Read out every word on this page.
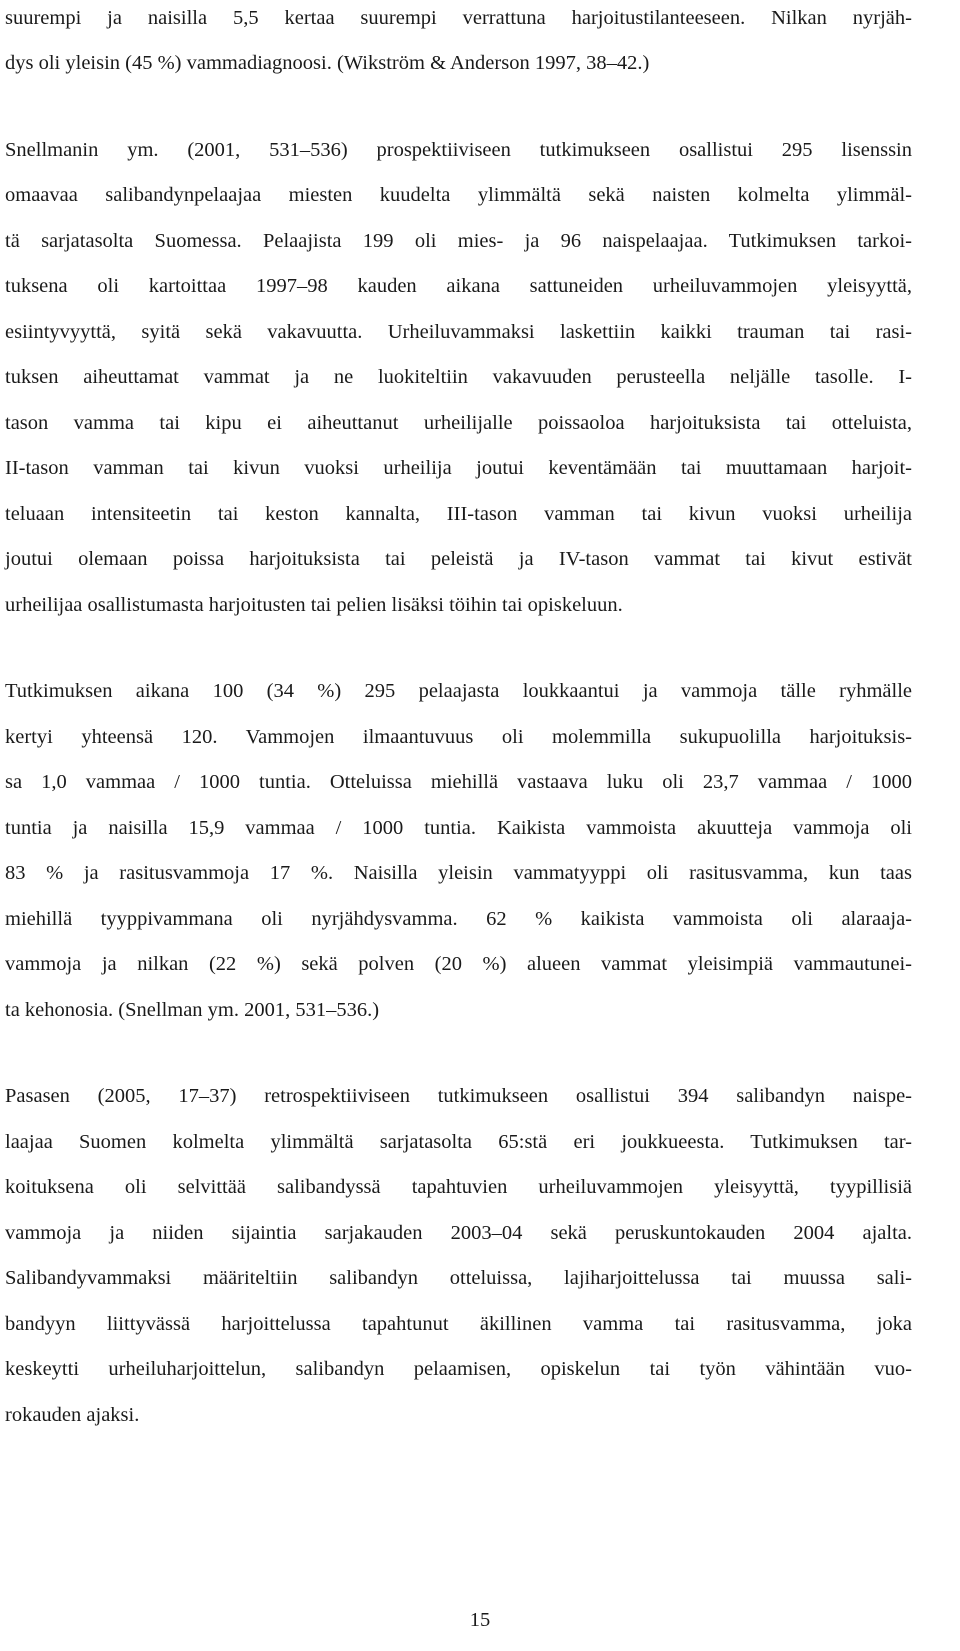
suurempi ja naisilla 5,5 kertaa suurempi verrattuna harjoitustilanteeseen. Nilkan nyrjäh-

dys oli yleisin (45 %) vammadiagnoosi. (Wikström & Anderson 1997, 38–42.)

Snellmanin ym. (2001, 531–536) prospektiiviseen tutkimukseen osallistui 295 lisenssin

omaavaa salibandynpelaajaa miesten kuudelta ylimmältä sekä naisten kolmelta ylimmäl-

tä sarjatasolta Suomessa. Pelaajista 199 oli mies- ja 96 naispelaajaa. Tutkimuksen tarkoi-

tuksena oli kartoittaa 1997–98 kauden aikana sattuneiden urheiluvammojen yleisyyttä,

esiintyvyyttä, syitä sekä vakavuutta. Urheiluvammaksi laskettiin kaikki trauman tai rasi-

tuksen aiheuttamat vammat ja ne luokiteltiin vakavuuden perusteella neljälle tasolle. I-

tason vamma tai kipu ei aiheuttanut urheilijalle poissaoloa harjoituksista tai otteluista,

II-tason vamman tai kivun vuoksi urheilija joutui keventämään tai muuttamaan harjoit-

teluaan intensiteetin tai keston kannalta, III-tason vamman tai kivun vuoksi urheilija

joutui olemaan poissa harjoituksista tai peleistä ja IV-tason vammat tai kivut estivät

urheilijaa osallistumasta harjoitusten tai pelien lisäksi töihin tai opiskeluun.

Tutkimuksen aikana 100 (34 %) 295 pelaajasta loukkaantui ja vammoja tälle ryhmälle

kertyi yhteensä 120. Vammojen ilmaantuvuus oli molemmilla sukupuolilla harjoituksis-

sa 1,0 vammaa / 1000 tuntia. Otteluissa miehillä vastaava luku oli 23,7 vammaa / 1000

tuntia ja naisilla 15,9 vammaa / 1000 tuntia. Kaikista vammoista akuutteja vammoja oli

83 % ja rasitusvammoja 17 %. Naisilla yleisin vammatyyppi oli rasitusvamma, kun taas

miehillä tyyppivammana oli nyrjähdysvamma. 62 % kaikista vammoista oli alaraaja-

vammoja ja nilkan (22 %) sekä polven (20 %) alueen vammat yleisimpiä vammautunei-

ta kehonosia. (Snellman ym. 2001, 531–536.)

Pasasen (2005, 17–37) retrospektiiviseen tutkimukseen osallistui 394 salibandyn naispe-

laajaa Suomen kolmelta ylimmältä sarjatasolta 65:stä eri joukkueesta. Tutkimuksen tar-

koituksena oli selvittää salibandyssä tapahtuvien urheiluvammojen yleisyyttä, tyypillisiä

vammoja ja niiden sijaintia sarjakauden 2003–04 sekä peruskuntokauden 2004 ajalta.

Salibandyvammaksi määriteltiin salibandyn otteluissa, lajiharjoittelussa tai muussa sali-

bandyyn liittyvässä harjoittelussa tapahtunut äkillinen vamma tai rasitusvamma, joka

keskeytti urheiluharjoittelun, salibandyn pelaamisen, opiskelun tai työn vähintään vuo-

rokauden ajaksi.

15
